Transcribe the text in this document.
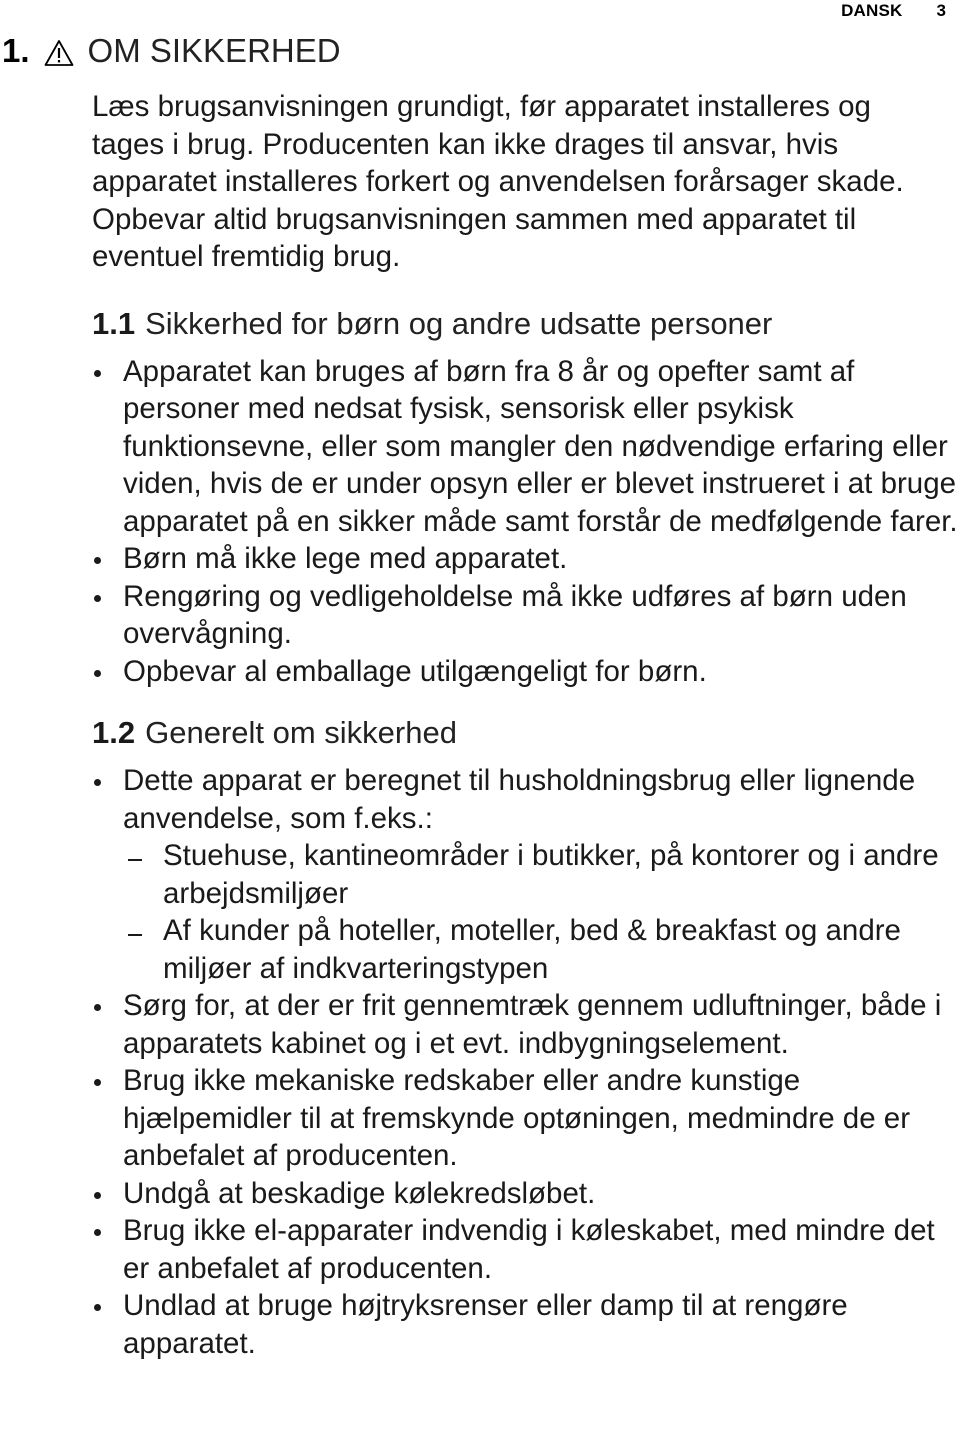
DANSK 3
1. OM SIKKERHED

Læs brugsanvisningen grundigt, før apparatet installeres og tages i brug. Producenten kan ikke drages til ansvar, hvis apparatet installeres forkert og anvendelsen forårsager skade. Opbevar altid brugsanvisningen sammen med apparatet til eventuel fremtidig brug.

1.1 Sikkerhed for børn og andre udsatte personer
Apparatet kan bruges af børn fra 8 år og opefter samt af personer med nedsat fysisk, sensorisk eller psykisk funktionsevne, eller som mangler den nødvendige erfaring eller viden, hvis de er under opsyn eller er blevet instrueret i at bruge apparatet på en sikker måde samt forstår de medfølgende farer.
Børn må ikke lege med apparatet.
Rengøring og vedligeholdelse må ikke udføres af børn uden overvågning.
Opbevar al emballage utilgængeligt for børn.
1.2 Generelt om sikkerhed
Dette apparat er beregnet til husholdningsbrug eller lignende anvendelse, som f.eks.:
Stuehuse, kantineområder i butikker, på kontorer og i andre arbejdsmiljøer
Af kunder på hoteller, moteller, bed & breakfast og andre miljøer af indkvarteringstypen
Sørg for, at der er frit gennemtræk gennem udluftninger, både i apparatets kabinet og i et evt. indbygningselement.
Brug ikke mekaniske redskaber eller andre kunstige hjælpemidler til at fremskynde optøningen, medmindre de er anbefalet af producenten.
Undgå at beskadige kølekredsløbet.
Brug ikke el-apparater indvendig i køleskabet, med mindre det er anbefalet af producenten.
Undlad at bruge højtryksrenser eller damp til at rengøre apparatet.
